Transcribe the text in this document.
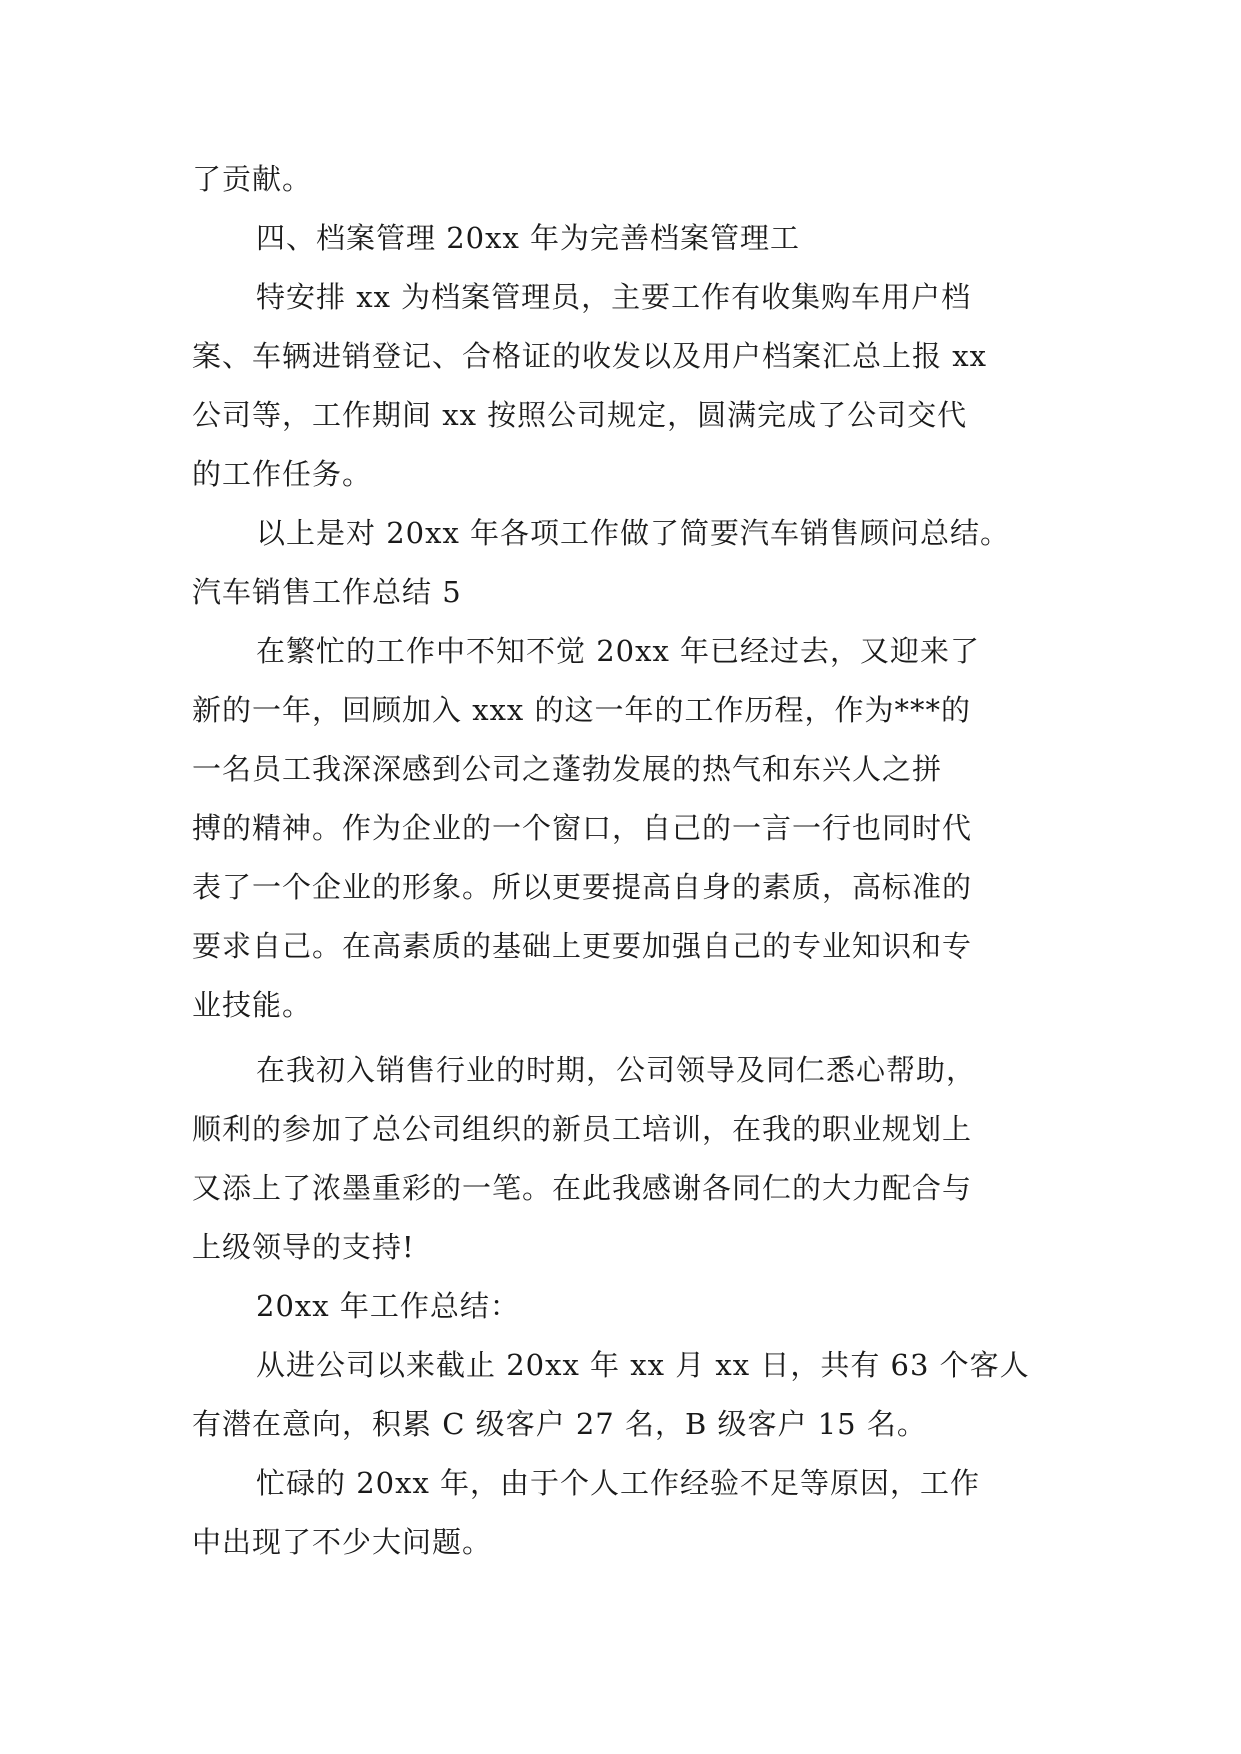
了贡献。
四、档案管理 20xx 年为完善档案管理工
特安排 xx 为档案管理员，主要工作有收集购车用户档
案、车辆进销登记、合格证的收发以及用户档案汇总上报 xx
公司等，工作期间 xx 按照公司规定，圆满完成了公司交代
的工作任务。
以上是对 20xx 年各项工作做了简要汽车销售顾问总结。
汽车销售工作总结 5
在繁忙的工作中不知不觉 20xx 年已经过去，又迎来了
新的一年，回顾加入 xxx 的这一年的工作历程，作为***的
一名员工我深深感到公司之蓬勃发展的热气和东兴人之拼
搏的精神。作为企业的一个窗口，自己的一言一行也同时代
表了一个企业的形象。所以更要提高自身的素质，高标准的
要求自己。在高素质的基础上更要加强自己的专业知识和专
业技能。
在我初入销售行业的时期，公司领导及同仁悉心帮助，
顺利的参加了总公司组织的新员工培训，在我的职业规划上
又添上了浓墨重彩的一笔。在此我感谢各同仁的大力配合与
上级领导的支持!
20xx 年工作总结：
从进公司以来截止 20xx 年 xx 月 xx 日，共有 63 个客人
有潜在意向，积累 C 级客户 27 名，B 级客户 15 名。
忙碌的 20xx 年，由于个人工作经验不足等原因，工作
中出现了不少大问题。
